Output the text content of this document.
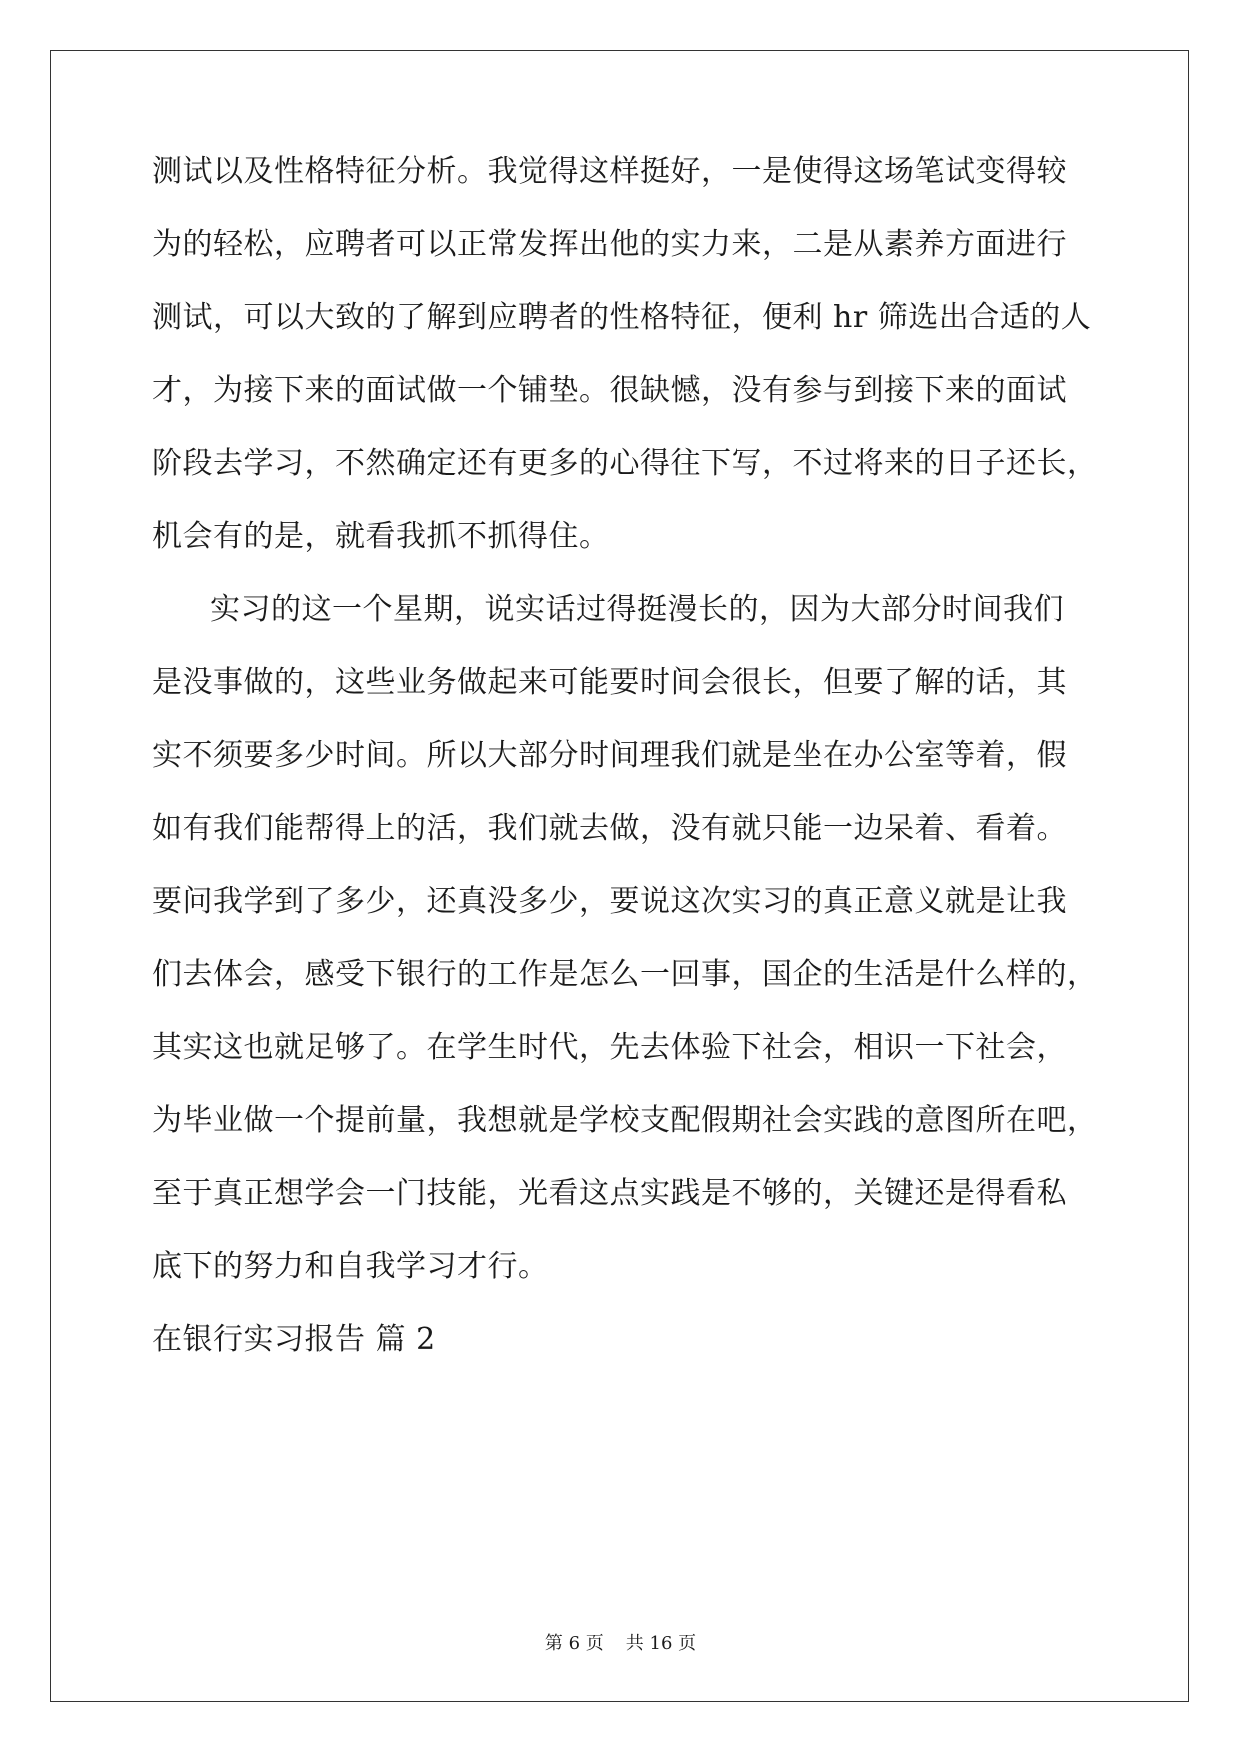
测试以及性格特征分析。我觉得这样挺好，一是使得这场笔试变得较
为的轻松，应聘者可以正常发挥出他的实力来，二是从素养方面进行
测试，可以大致的了解到应聘者的性格特征，便利 hr 筛选出合适的人
才，为接下来的面试做一个铺垫。很缺憾，没有参与到接下来的面试
阶段去学习，不然确定还有更多的心得往下写，不过将来的日子还长，
机会有的是，就看我抓不抓得住。
实习的这一个星期，说实话过得挺漫长的，因为大部分时间我们
是没事做的，这些业务做起来可能要时间会很长，但要了解的话，其
实不须要多少时间。所以大部分时间理我们就是坐在办公室等着，假
如有我们能帮得上的活，我们就去做，没有就只能一边呆着、看着。
要问我学到了多少，还真没多少，要说这次实习的真正意义就是让我
们去体会，感受下银行的工作是怎么一回事，国企的生活是什么样的，
其实这也就足够了。在学生时代，先去体验下社会，相识一下社会，
为毕业做一个提前量，我想就是学校支配假期社会实践的意图所在吧，
至于真正想学会一门技能，光看这点实践是不够的，关键还是得看私
底下的努力和自我学习才行。
在银行实习报告 篇 2
第 6 页 共 16 页
